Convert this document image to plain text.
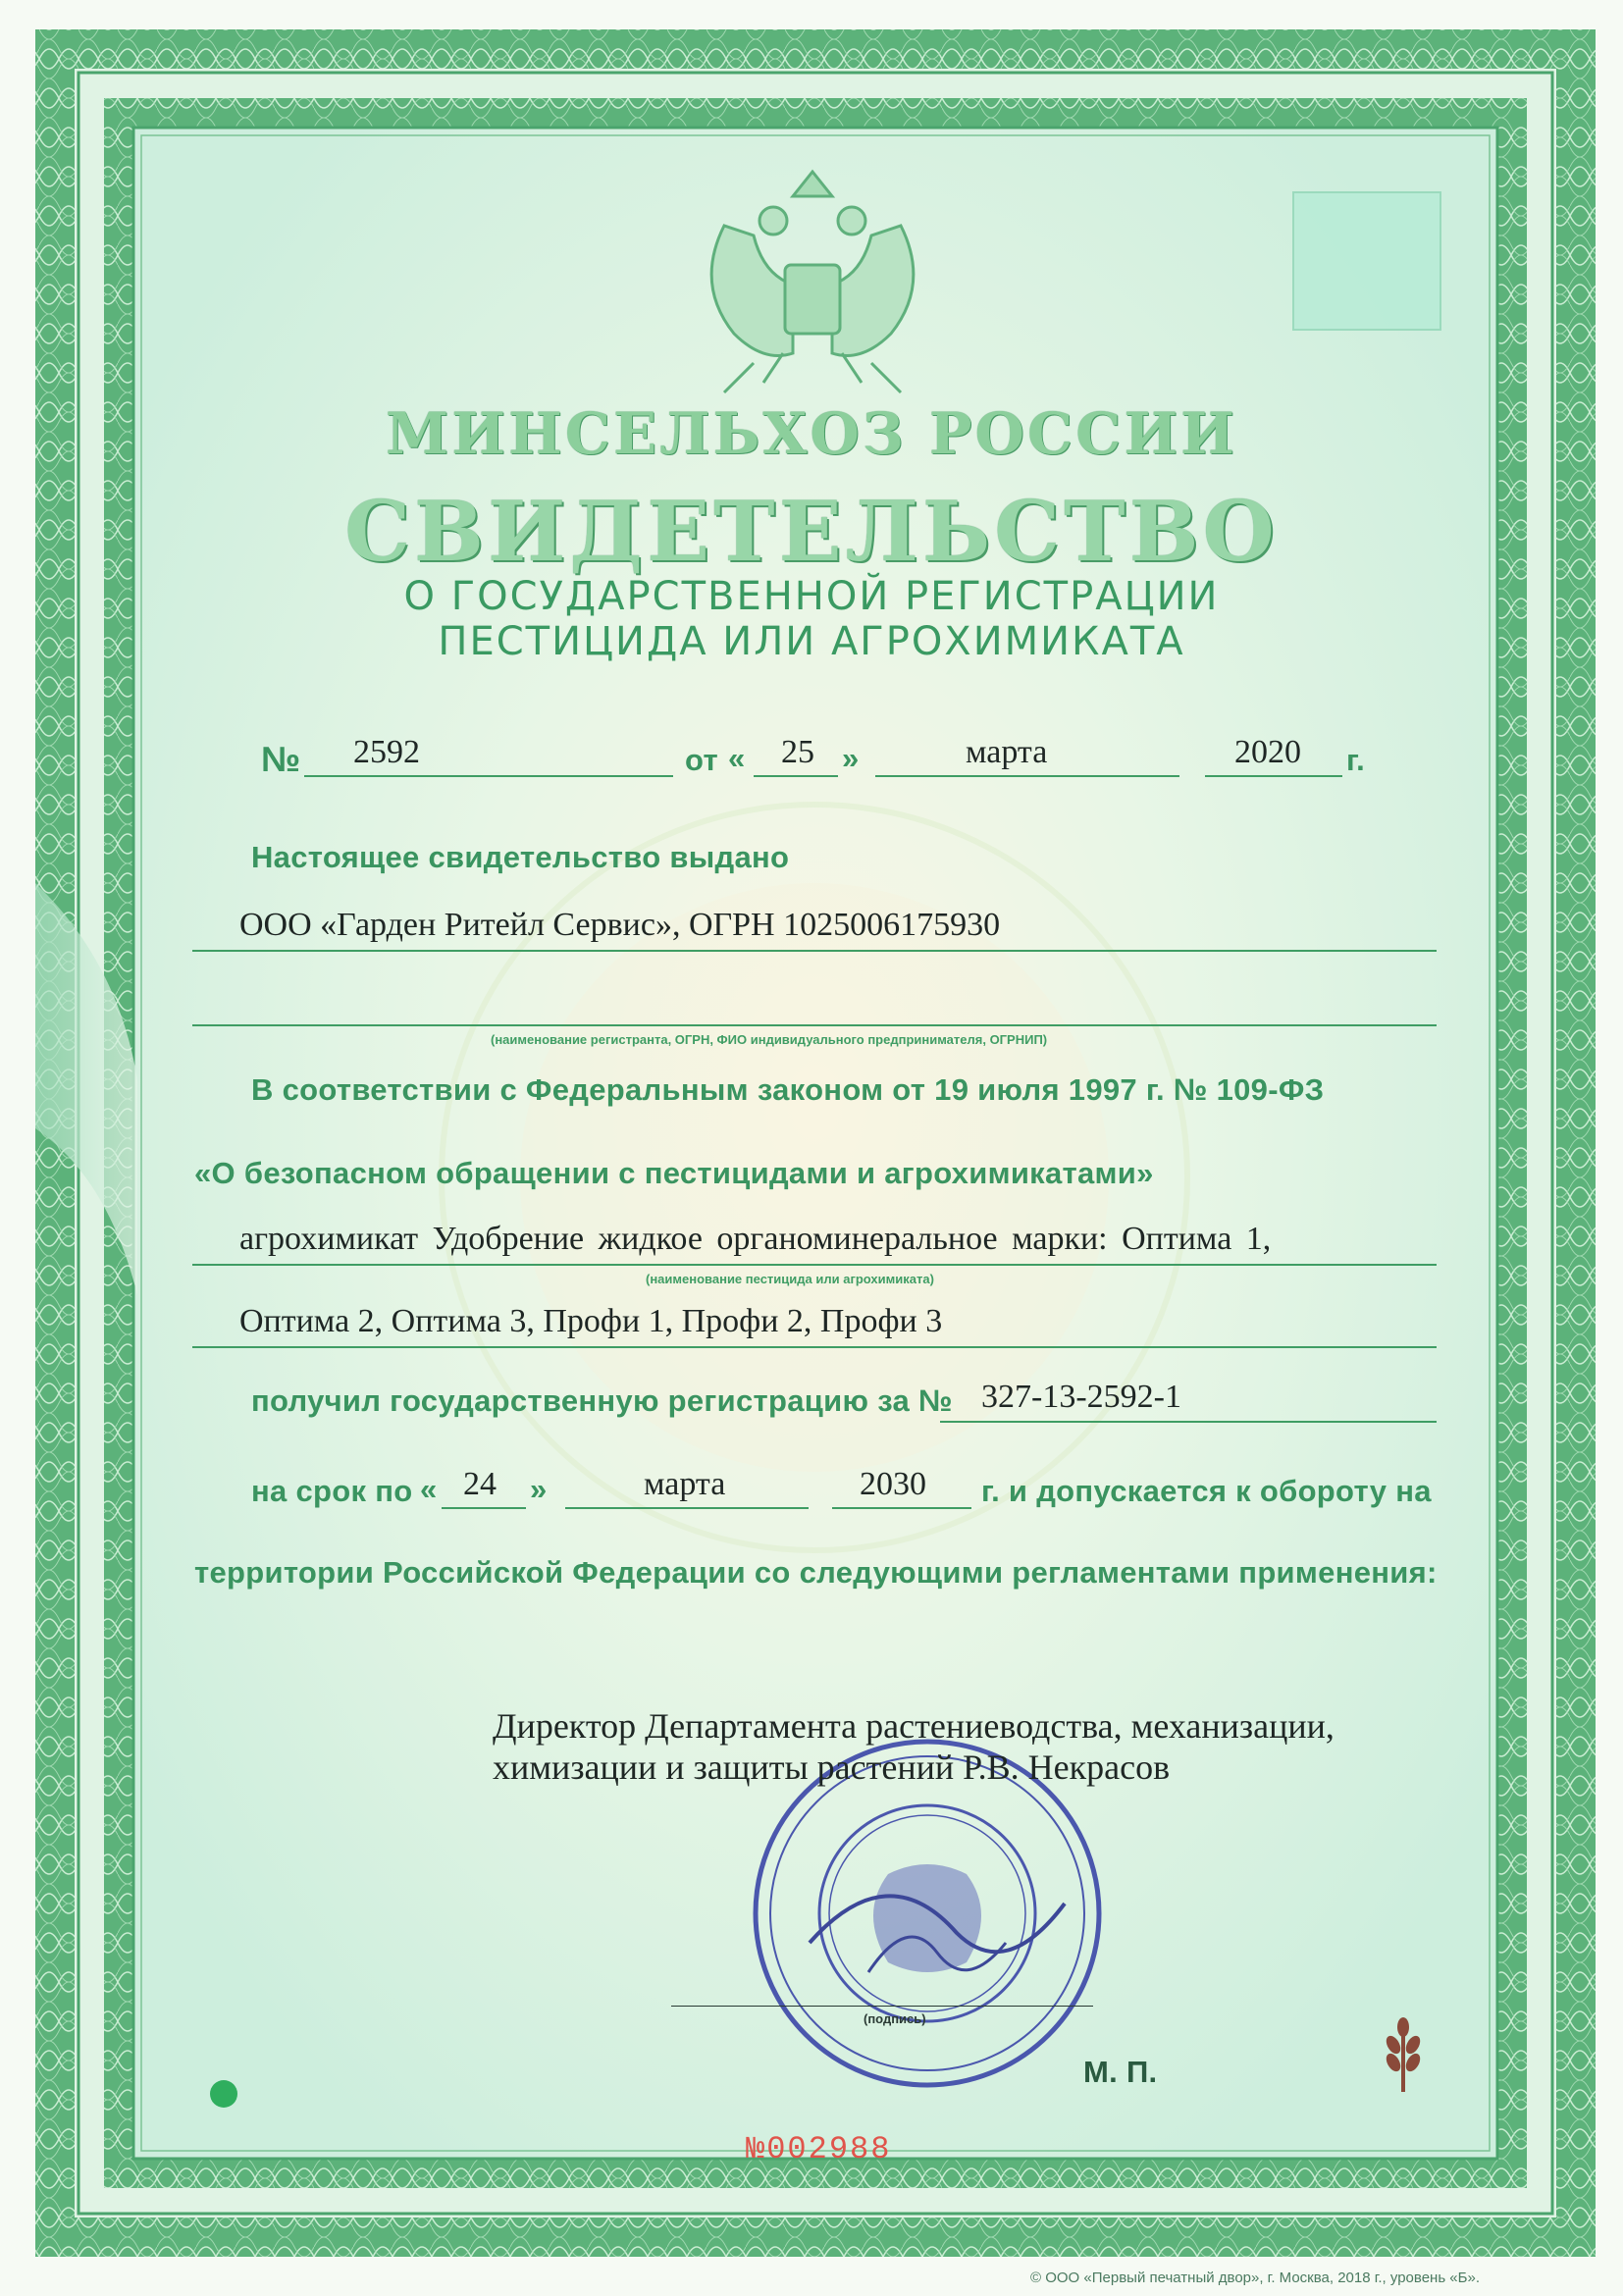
МИНСЕЛЬХОЗ РОССИИ
СВИДЕТЕЛЬСТВО
О ГОСУДАРСТВЕННОЙ РЕГИСТРАЦИИ
ПЕСТИЦИДА ИЛИ АГРОХИМИКАТА
№ 2592	от « 25 »	марта	2020 г.
Настоящее свидетельство выдано
ООО «Гарден Ритейл Сервис», ОГРН 1025006175930
(наименование регистранта, ОГРН, ФИО индивидуального предпринимателя, ОГРНИП)
В соответствии с Федеральным законом от 19 июля 1997 г. № 109-ФЗ
«О безопасном обращении с пестицидами и агрохимикатами»
агрохимикат Удобрение жидкое органоминеральное марки: Оптима 1,
(наименование пестицида или агрохимиката)
Оптима 2, Оптима 3, Профи 1, Профи 2, Профи 3
получил государственную регистрацию за № 327-13-2592-1
на срок по « 24 »	марта	2030 г. и допускается к обороту на
территории Российской Федерации со следующими регламентами применения:
Директор Департамента растениеводства, механизации,
химизации и защиты растений Р.В. Некрасов
(подпись)
М. П.
№002988
© ООО «Первый печатный двор», г. Москва, 2018 г., уровень «Б».
